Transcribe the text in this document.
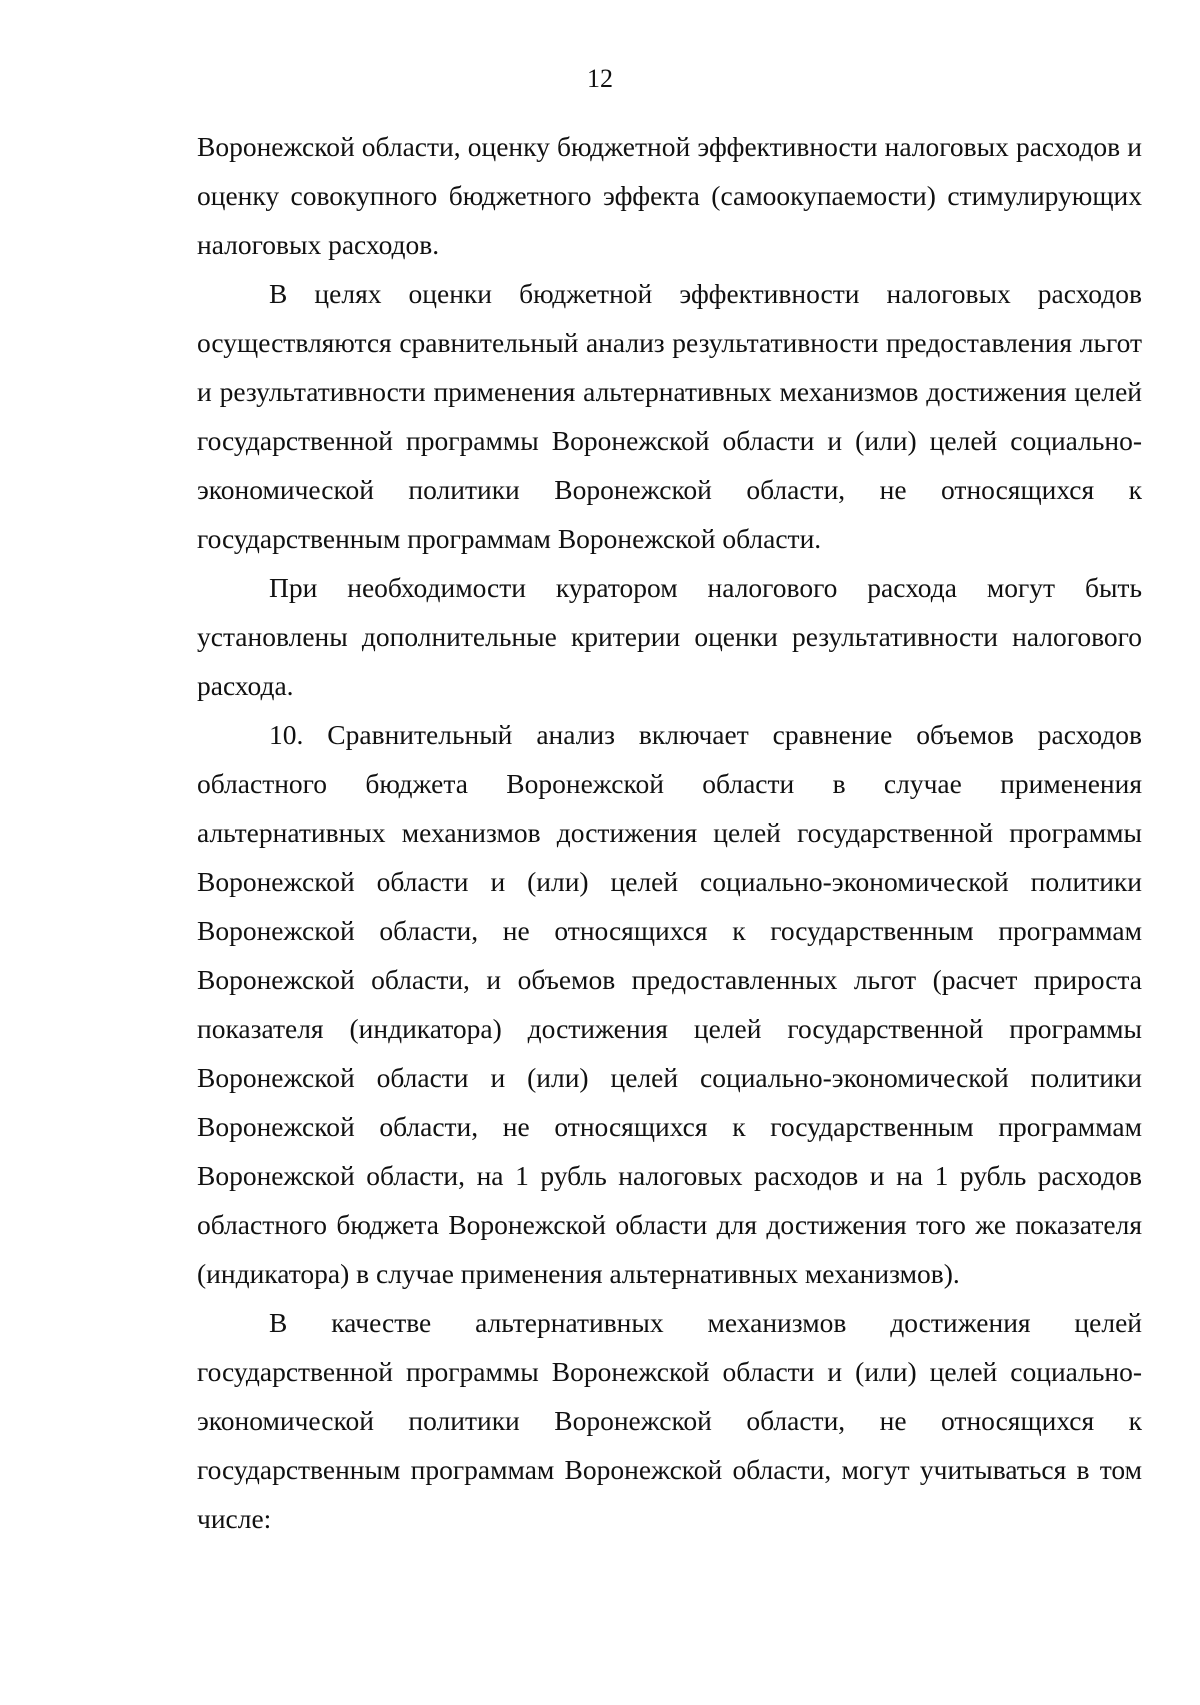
12

Воронежской области, оценку бюджетной эффективности налоговых расходов и оценку совокупного бюджетного эффекта (самоокупаемости) стимулирующих налоговых расходов.

В целях оценки бюджетной эффективности налоговых расходов осуществляются сравнительный анализ результативности предоставления льгот и результативности применения альтернативных механизмов достижения целей государственной программы Воронежской области и (или) целей социально-экономической политики Воронежской области, не относящихся к государственным программам Воронежской области.

При необходимости куратором налогового расхода могут быть установлены дополнительные критерии оценки результативности налогового расхода.

10. Сравнительный анализ включает сравнение объемов расходов областного бюджета Воронежской области в случае применения альтернативных механизмов достижения целей государственной программы Воронежской области и (или) целей социально-экономической политики Воронежской области, не относящихся к государственным программам Воронежской области, и объемов предоставленных льгот (расчет прироста показателя (индикатора) достижения целей государственной программы Воронежской области и (или) целей социально-экономической политики Воронежской области, не относящихся к государственным программам Воронежской области, на 1 рубль налоговых расходов и на 1 рубль расходов областного бюджета Воронежской области для достижения того же показателя (индикатора) в случае применения альтернативных механизмов).

В качестве альтернативных механизмов достижения целей государственной программы Воронежской области и (или) целей социально-экономической политики Воронежской области, не относящихся к государственным программам Воронежской области, могут учитываться в том числе:
